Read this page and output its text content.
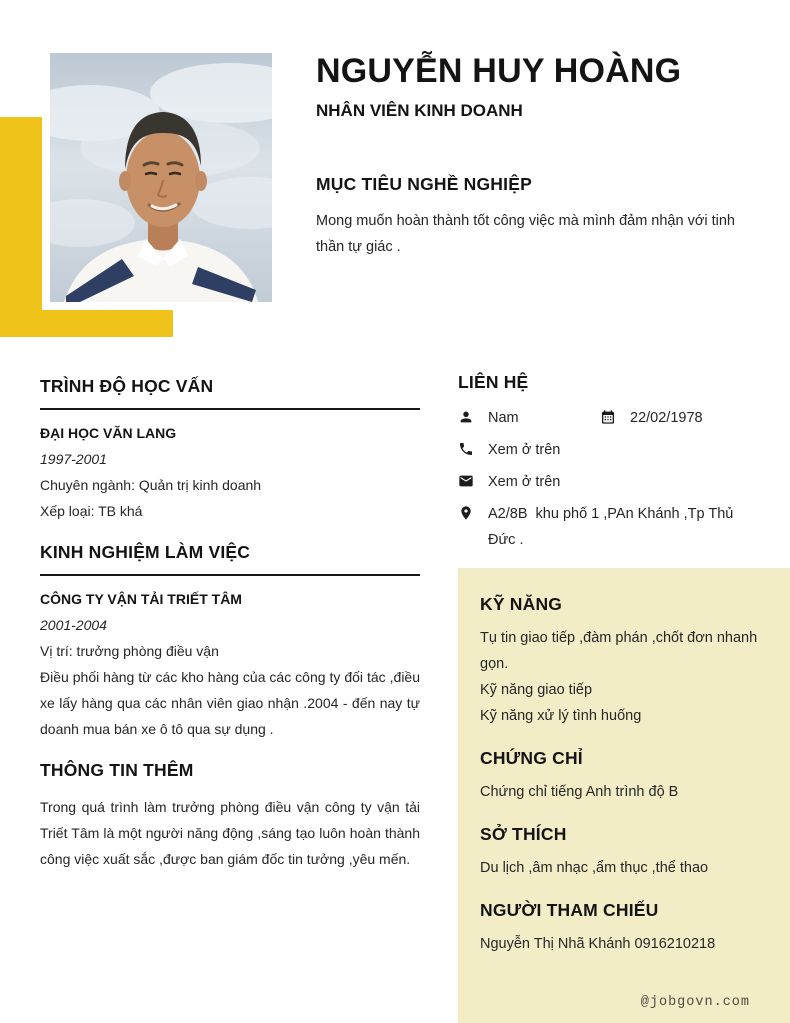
NGUYỄN HUY HOÀNG
NHÂN VIÊN KINH DOANH
MỤC TIÊU NGHỀ NGHIỆP
Mong muốn hoàn thành tốt công việc mà mình đảm nhận với tinh thần tự giác .
TRÌNH ĐỘ HỌC VẤN
ĐẠI HỌC VĂN LANG
1997-2001
Chuyên ngành: Quản trị kinh doanh
Xếp loại: TB khá
KINH NGHIỆM LÀM VIỆC
CÔNG TY VẬN TẢI TRIẾT TÂM
2001-2004
Vị trí: trưởng phòng điều vận
Điều phối hàng từ các kho hàng của các công ty đối tác ,điều xe lấy hàng qua các nhân viên giao nhận .2004 - đến nay tự doanh mua bán xe ô tô qua sự dụng .
THÔNG TIN THÊM
Trong quá trình làm trưởng phòng điều vận công ty vận tải Triết Tâm là một người năng động ,sáng tạo luôn hoàn thành công việc xuất sắc ,được ban giám đốc tin tưởng ,yêu mến.
LIÊN HỆ
Nam	22/02/1978
Xem ở trên
Xem ở trên
A2/8B  khu phố 1 ,PAn Khánh ,Tp Thủ Đức .
KỸ NĂNG
Tụ tin giao tiếp ,đàm phán ,chốt đơn nhanh gọn.
Kỹ năng giao tiếp
Kỹ năng xử lý tình huống
CHỨNG CHỈ
Chứng chỉ tiếng Anh trình độ B
SỞ THÍCH
Du lịch ,âm nhạc ,ẩm thục ,thể thao
NGƯỜI THAM CHIẾU
Nguyễn Thị Nhã Khánh 0916210218
@jobgovn.com
